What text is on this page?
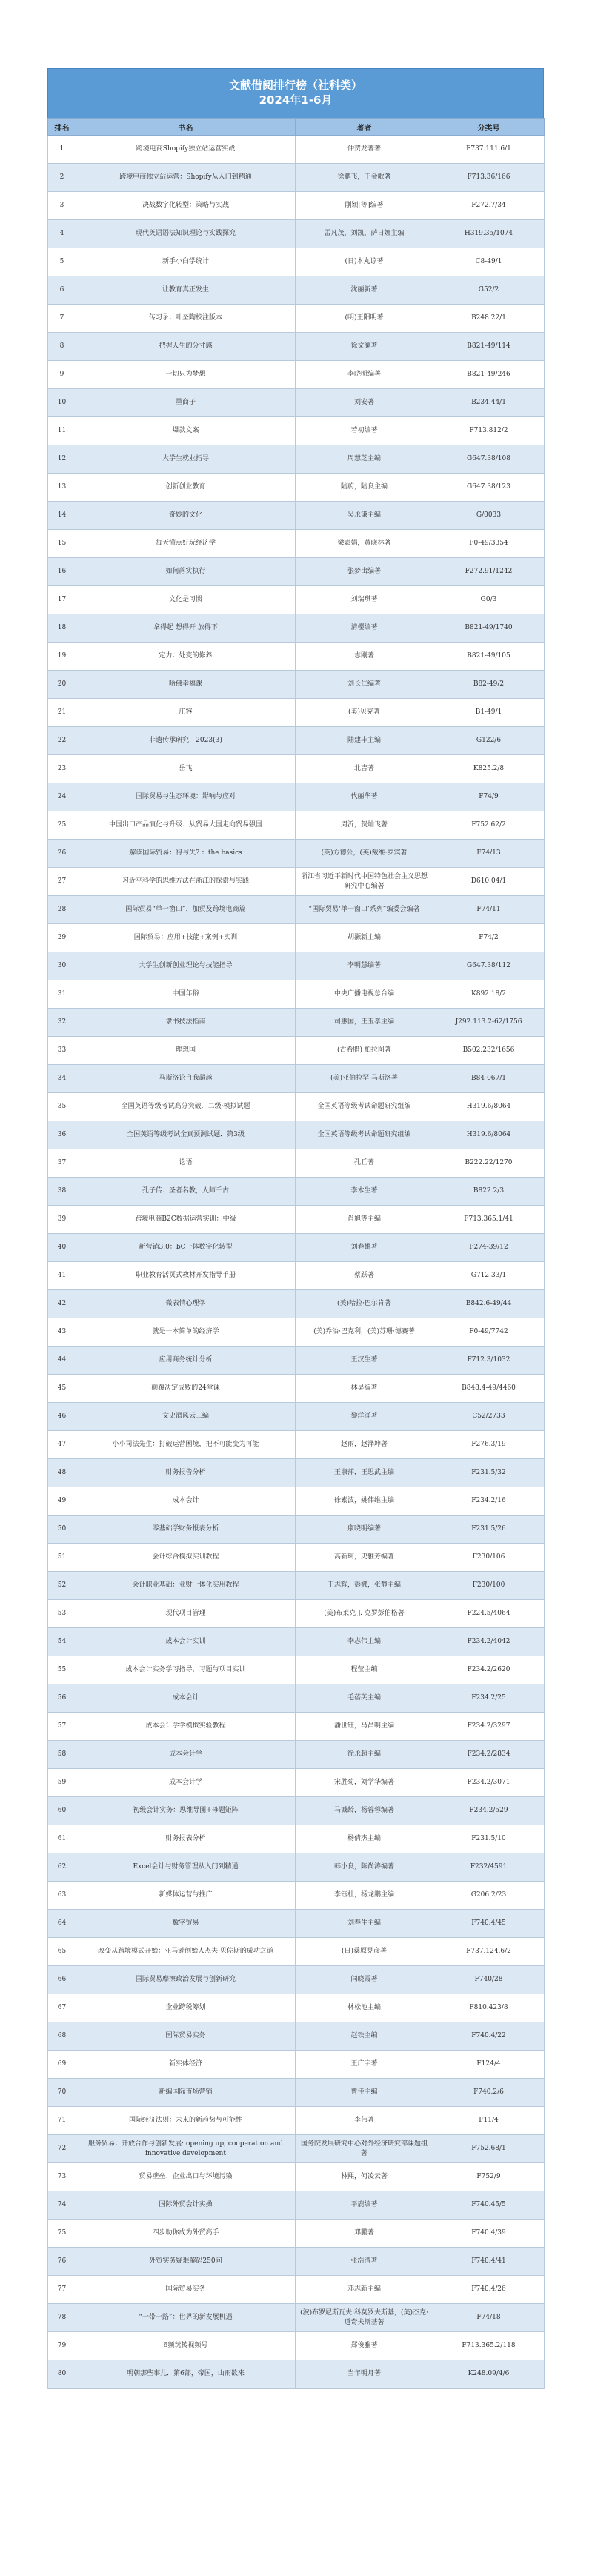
文献借阅排行榜（社科类）
2024年1-6月
排名	书名	著者	分类号
1	跨境电商Shopify独立站运营实战	仲贺龙著著	F737.111.6/1
2	跨境电商独立站运营：Shopify从入门到精通	徐鹏飞，王金歌著	F713.36/166
3	决战数字化转型：策略与实战	刚颖[等]编著	F272.7/34
4	现代英语语法知识理论与实践探究	孟凡茂，刘凯，萨日娜主编	H319.35/1074
5	新手小白学统计	(日)本丸谅著	C8-49/1
6	让教育真正发生	沈丽新著	G52/2
7	传习录：叶圣陶校注版本	(明)王阳明著	B248.22/1
8	把握人生的分寸感	徐文澜著	B821-49/114
9	一切只为梦想	李晓明编著	B821-49/246
10	墨商子	刘安著	B234.44/1
11	爆款文案	若初编著	F713.812/2
12	大学生就业指导	周慧芝主编	G647.38/108
13	创新创业教育	陆蔚，陆良主编	G647.38/123
14	奇妙的文化	吴永谦主编	G/0033
15	每天懂点好玩经济学	梁素娟，黄晓林著	F0-49/3354
16	如何落实执行	张梦出编著	F272.91/1242
17	文化是习惯	刘瑞琪著	G0/3
18	拿得起 想得开 放得下	清樱编著	B821-49/1740
19	定力：处变的修养	志刚著	B821-49/105
20	哈佛幸福课	刘长仁编著	B82-49/2
21	庄容	(美)贝克著	B1-49/1
22	非遗传承研究．2023(3)	陆建丰主编	G122/6
23	岳飞	北吉著	K825.2/8
24	国际贸易与生态环境：影响与应对	代丽华著	F74/9
25	中国出口产品演化与升级：从贸易大国走向贸易强国	周沂，贺灿飞著	F752.62/2
26	解读国际贸易：得与失? ：the basics	(英)方德公，(英)戴维·罗宾著	F74/13
27	习近平科学的思维方法在浙江的探索与实践	浙江省习近平新时代中国特色社会主义思想研究中心编著	D610.04/1
28	国际贸易“单一窗口”，加贸及跨境电商篇	“国际贸易‘单一窗口’系列”编委会编著	F74/11
29	国际贸易：应用+技能+案例+实训	胡灏新主编	F74/2
30	大学生创新创业理论与技能指导	李明慧编著	G647.38/112
31	中国年俗	中央广播电视总台编	K892.18/2
32	隶书技法指南	司惠国，王玉孝主编	J292.113.2-62/1756
33	理想国	(古希腊) 柏拉图著	B502.232/1656
34	马斯洛论自我超越	(美)亚伯拉罕·马斯洛著	B84-067/1
35	全国英语等级考试高分突破．二级·模拟试题	全国英语等级考试命题研究组编	H319.6/8064
36	全国英语等级考试全真预测试题．第3级	全国英语等级考试命题研究组编	H319.6/8064
37	论语	孔丘著	B222.22/1270
38	孔子传：圣者名教，人师千古	李木生著	B822.2/3
39	跨境电商B2C数据运营实训：中级	肖旭等主编	F713.365.1/41
40	新营销3.0：bC一体数字化转型	刘春雄著	F274-39/12
41	职业教育活页式教材开发指导手册	蔡跃著	G712.33/1
42	微表情心理学	(美)哈拉·巴尔肯著	B842.6-49/44
43	就是一本简单的经济学	(美)乔治·巴克利，(美)苏珊·德赛著	F0-49/7742
44	应用商务统计分析	王汉生著	F712.3/1032
45	颠覆决定成败的24堂课	林昊编著	B848.4-49/4460
46	文史酒风云三编	黎洋洋著	C52/2733
47	小小司法先生：打破运营困境，把不可能变为可能	赵雨，赵泽坤著	F276.3/19
48	财务报告分析	王淑萍，王思武主编	F231.5/32
49	成本会计	徐素波，姚伟维主编	F234.2/16
50	零基础学财务报表分析	康晓明编著	F231.5/26
51	会计综合模拟实训教程	高新珂，史雅芳编著	F230/106
52	会计职业基础：业财一体化实用教程	王志辉，彭娜，张静主编	F230/100
53	现代项目管理	(美)布莱克 J. 克罗彭伯格著	F224.5/4064
54	成本会计实训	李志伟主编	F234.2/4042
55	成本会计实务学习指导，习题与项目实训	程莹主编	F234.2/2620
56	成本会计	毛蓓芙主编	F234.2/25
57	成本会计学学模拟实验教程	潘世钰，马昌明主编	F234.2/3297
58	成本会计学	徐永超主编	F234.2/2834
59	成本会计学	宋胜菊，刘学华编著	F234.2/3071
60	初级会计实务：思维导图+母题矩阵	马诚龄，杨蓉蓉编著	F234.2/529
61	财务报表分析	杨倩杰主编	F231.5/10
62	Excel会计与财务管理从入门到精通	韩小良，陈尚涛编著	F232/4591
63	新媒体运营与推广	李钰杜，杨龙鹏主编	G206.2/23
64	数字贸易	刘春生主编	F740.4/45
65	改变从跨境模式开始：亚马逊创始人杰夫·贝佐斯的成功之道	(日)桑原晃彦著	F737.124.6/2
66	国际贸易摩擦政治发展与创新研究	闫晓霞著	F740/28
67	企业跨税筹划	林松池主编	F810.423/8
68	国际贸易实务	赵铁主编	F740.4/22
69	新实体经济	王广宇著	F124/4
70	新编国际市场营销	曹佳主编	F740.2/6
71	国际经济法则：未来的新趋势与可能性	李伟著	F11/4
72	服务贸易：开放合作与创新发展: opening up, cooperation and innovative development	国务院发展研究中心对外经济研究部课题组著	F752.68/1
73	贸易壁垒、企业出口与环境污染	林熙，何凌云著	F752/9
74	国际外贸会计实操	平鹿编著	F740.45/5
75	四步助你成为外贸高手	邓鹏著	F740.4/39
76	外贸实务疑难解码250问	张浩清著	F740.4/41
77	国际贸易实务	邓志新主编	F740.4/26
78	“一带一路”：世界的新发展机遇	(波)布罗尼斯瓦夫·科莫罗夫斯基，(美)杰克·道奇夫斯基著	F74/18
79	6频玩转视频号	郑俊雅著	F713.365.2/118
80	明朝那些事儿．第6部，帝国，山雨欲来	当年明月著	K248.09/4/6
